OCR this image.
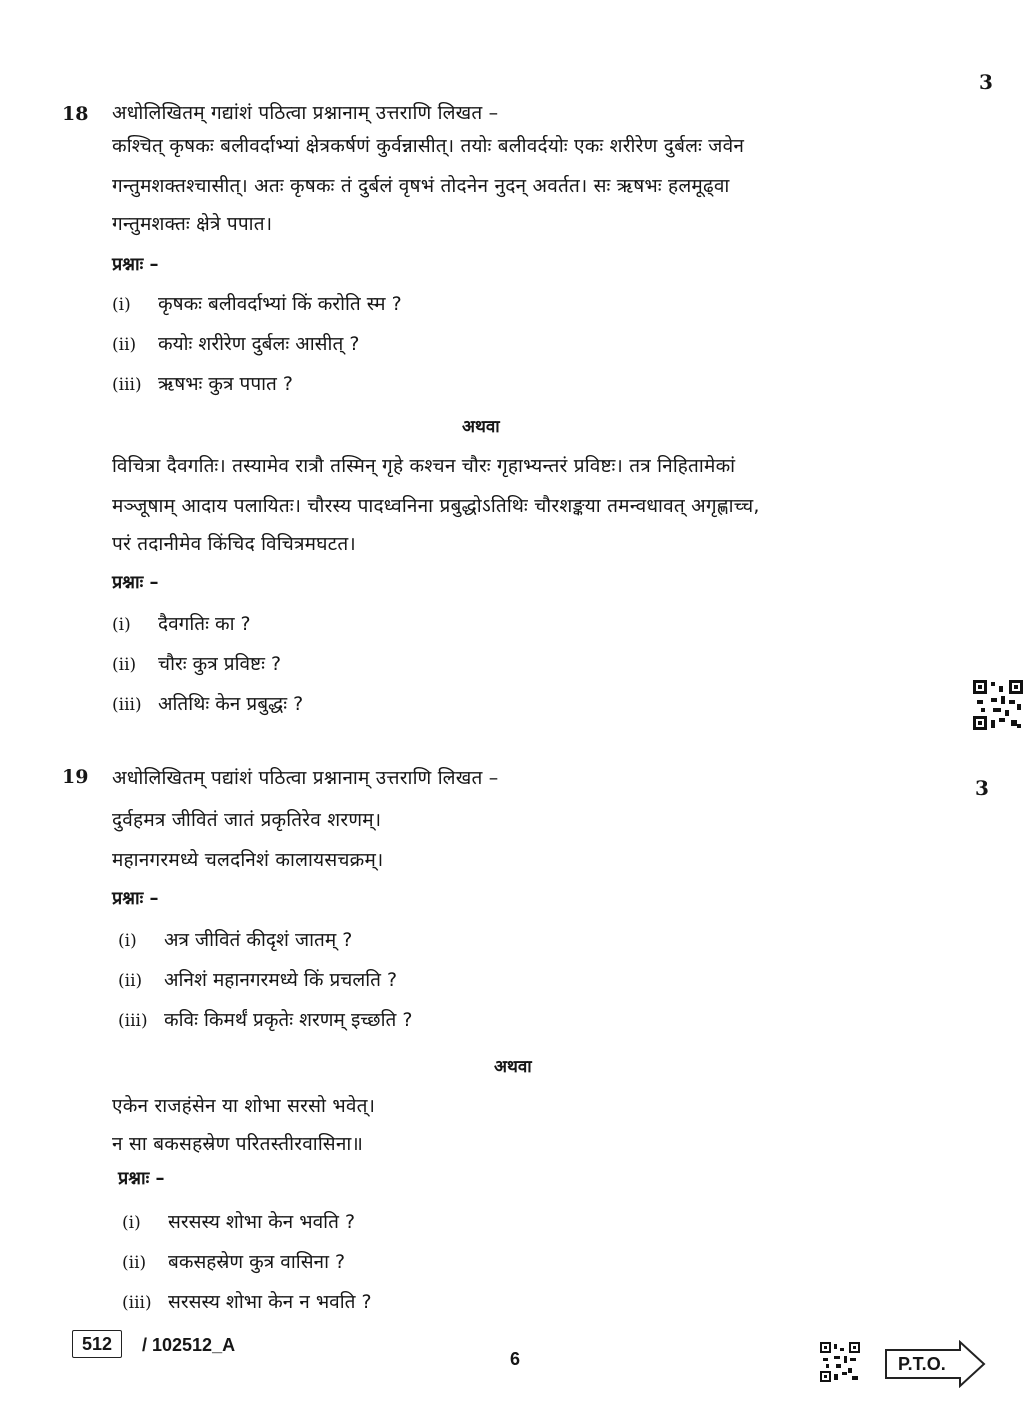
3
18 अधोलिखितम् गद्यांशं पठित्वा प्रश्नानाम् उत्तराणि लिखत –
कश्चित् कृषकः बलीवर्दाभ्यां क्षेत्रकर्षणं कुर्वन्नासीत्। तयोः बलीवर्दयोः एकः शरीरेण दुर्बलः जवेन
गन्तुमशक्तश्चासीत्। अतः कृषकः तं दुर्बलं वृषभं तोदनेन नुदन् अवर्तत। सः ऋषभः हलमूढ्वा
गन्तुमशक्तः क्षेत्रे पपात।
प्रश्नाः –
(i) कृषकः बलीवर्दाभ्यां किं करोति स्म ?
(ii) कयोः शरीरेण दुर्बलः आसीत् ?
(iii) ऋषभः कुत्र पपात ?
अथवा
विचित्रा दैवगतिः। तस्यामेव रात्रौ तस्मिन् गृहे कश्चन चौरः गृहाभ्यन्तरं प्रविष्टः। तत्र निहितामेकां
मञ्जूषाम् आदाय पलायितः। चौरस्य पादध्वनिना प्रबुद्धोऽतिथिः चौरशङ्कया तमन्वधावत् अगृह्णाच्च,
परं तदानीमेव किंचिद विचित्रमघटत।
प्रश्नाः –
(i) दैवगतिः का ?
(ii) चौरः कुत्र प्रविष्टः ?
(iii) अतिथिः केन प्रबुद्धः ?
19 अधोलिखितम् पद्यांशं पठित्वा प्रश्नानाम् उत्तराणि लिखत –	3
दुर्वहमत्र जीवितं जातं प्रकृतिरेव शरणम्।
महानगरमध्ये चलदनिशं कालायसचक्रम्।
प्रश्नाः –
(i) अत्र जीवितं कीदृशं जातम् ?
(ii) अनिशं महानगरमध्ये किं प्रचलति ?
(iii) कविः किमर्थं प्रकृतेः शरणम् इच्छति ?
अथवा
एकेन राजहंसेन या शोभा सरसो भवेत्।
न सा बकसहस्रेण परितस्तीरवासिना॥
प्रश्नाः –
(i) सरसस्य शोभा केन भवति ?
(ii) बकसहस्रेण कुत्र वासिना ?
(iii) सरसस्य शोभा केन न भवति ?
512	/ 102512_A
6	P.T.O.
